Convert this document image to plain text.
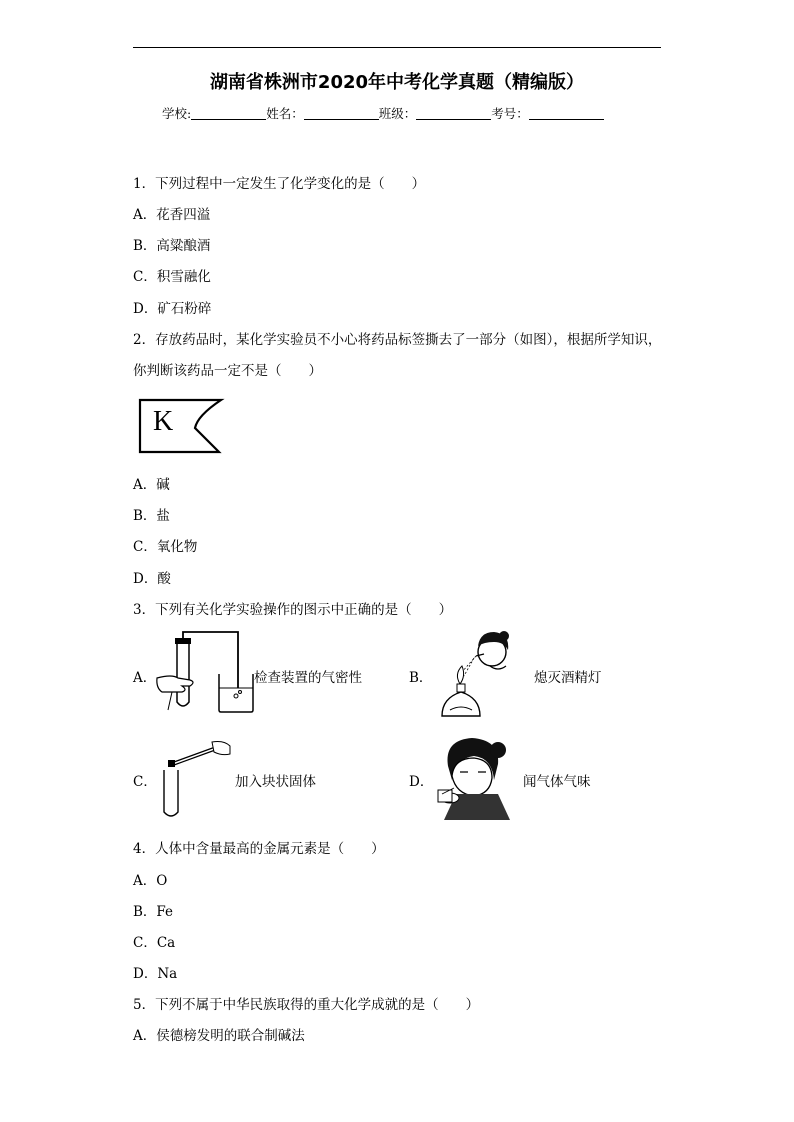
湖南省株洲市2020年中考化学真题（精编版）
学校:	姓名：	班级：	考号：
1．下列过程中一定发生了化学变化的是（　　）
A．花香四溢
B．高粱酿酒
C．积雪融化
D．矿石粉碎
2．存放药品时，某化学实验员不小心将药品标签撕去了一部分（如图），根据所学知识，
你判断该药品一定不是（　　）
K
A．碱
B．盐
C．氧化物
D．酸
3．下列有关化学实验操作的图示中正确的是（　　）
A．	检查装置的气密性	B．	熄灭酒精灯
C．	加入块状固体	D．	闻气体气味
4．人体中含量最高的金属元素是（　　）
A．O
B．Fe
C．Ca
D．Na
5．下列不属于中华民族取得的重大化学成就的是（　　）
A．侯德榜发明的联合制碱法
